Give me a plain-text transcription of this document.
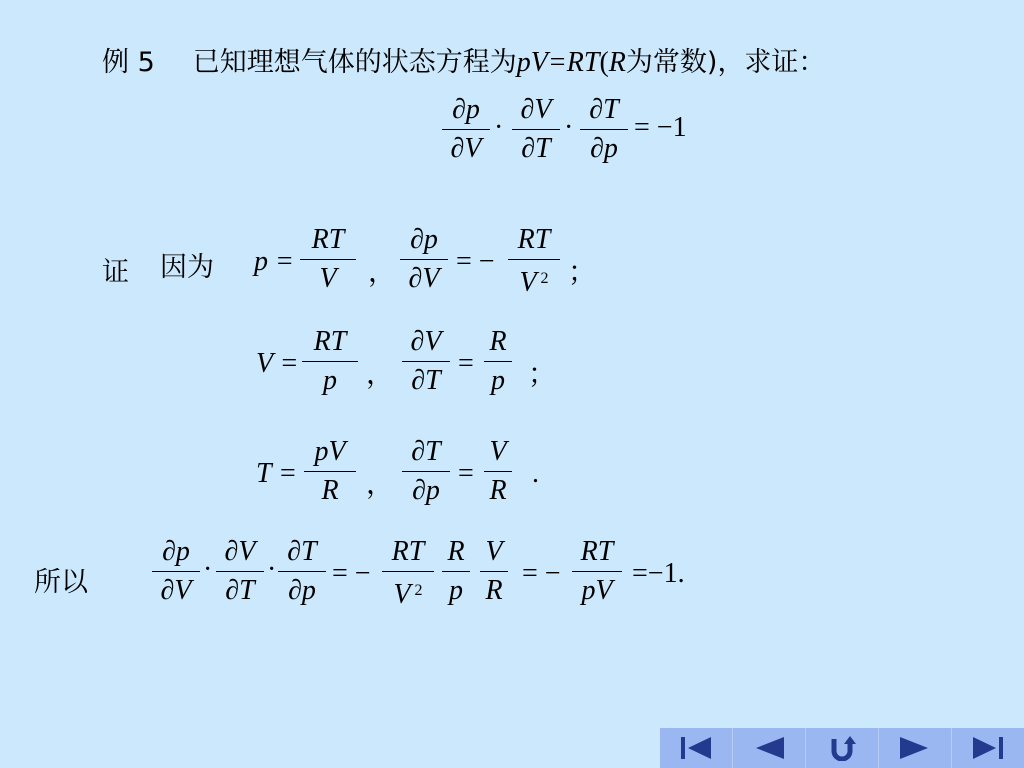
例 5 已知理想气体的状态方程为 pV=RT ( R 为常数) ，求证：
∂p
∂V
·
∂V
∂T
·
∂T
∂p
= −1
证 因为 p =
RT
V	，
∂p
∂V
= −
RT
V $^2$ ；
V =
RT
p	，
∂V
∂T
=
R
p ；
T =
pV
R ，
∂T
∂p
=
V
R
.
所以
∂p
∂V
·
∂V
∂T
·
∂T
∂p
= −
RT
V $^2$
R
p
V
R
= −
RT
pV
=−1.
